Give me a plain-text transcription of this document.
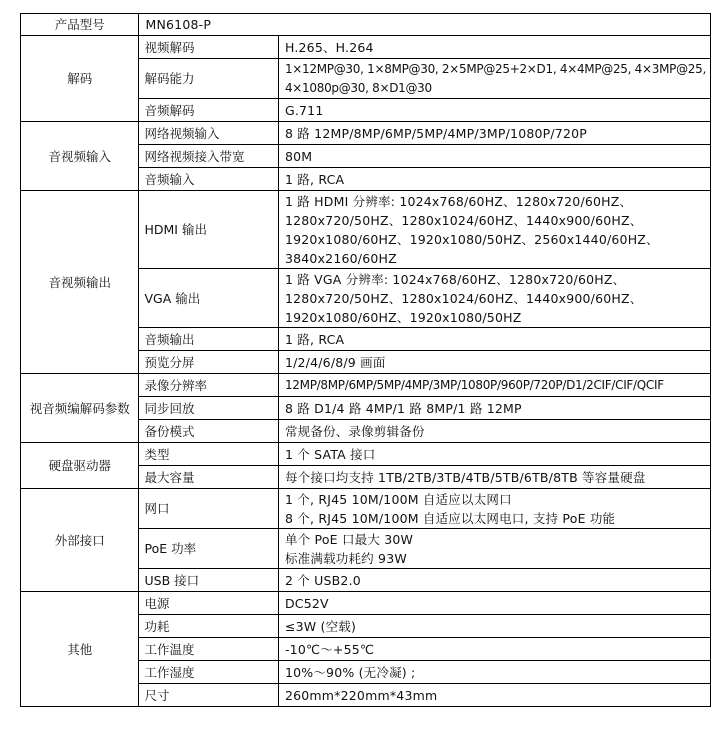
产品型号	MN6108-P	
解码	视频解码	H.265、H.264

	解码能力	1×12MP@30, 1×8MP@30, 2×5MP@25+2×D1, 4×4MP@25, 4×3MP@25,
4×1080p@30, 8×D1@30

	音频解码	G.711

音视频输入	网络视频输入	8 路 12MP/8MP/6MP/5MP/4MP/3MP/1080P/720P

	网络视频接入带宽	80M

	音频输入	1 路, RCA

音视频输出	HDMI 输出	1 路 HDMI 分辨率: 1024x768/60HZ、1280x720/60HZ、
1280x720/50HZ、1280x1024/60HZ、1440x900/60HZ、
1920x1080/60HZ、1920x1080/50HZ、2560x1440/60HZ、
3840x2160/60HZ

	VGA 输出	1 路 VGA 分辨率: 1024x768/60HZ、1280x720/60HZ、
1280x720/50HZ、1280x1024/60HZ、1440x900/60HZ、
1920x1080/60HZ、1920x1080/50HZ

	音频输出	1 路, RCA

	预览分屏	1/2/4/6/8/9 画面

视音频编解码参数	录像分辨率	12MP/8MP/6MP/5MP/4MP/3MP/1080P/960P/720P/D1/2CIF/CIF/QCIF

	同步回放	8 路 D1/4 路 4MP/1 路 8MP/1 路 12MP

	备份模式	常规备份、录像剪辑备份

硬盘驱动器	类型	1 个 SATA 接口

	最大容量	每个接口均支持 1TB/2TB/3TB/4TB/5TB/6TB/8TB 等容量硬盘

外部接口	网口	1 个, RJ45 10M/100M 自适应以太网口
8 个, RJ45 10M/100M 自适应以太网电口, 支持 PoE 功能

	PoE 功率	单个 PoE 口最大 30W
标准满载功耗约 93W

	USB 接口	2 个 USB2.0

其他	电源	DC52V

	功耗	≤3W (空载)

	工作温度	-10℃～+55℃

	工作湿度	10%～90% (无冷凝) ;

	尺寸	260mm*220mm*43mm
